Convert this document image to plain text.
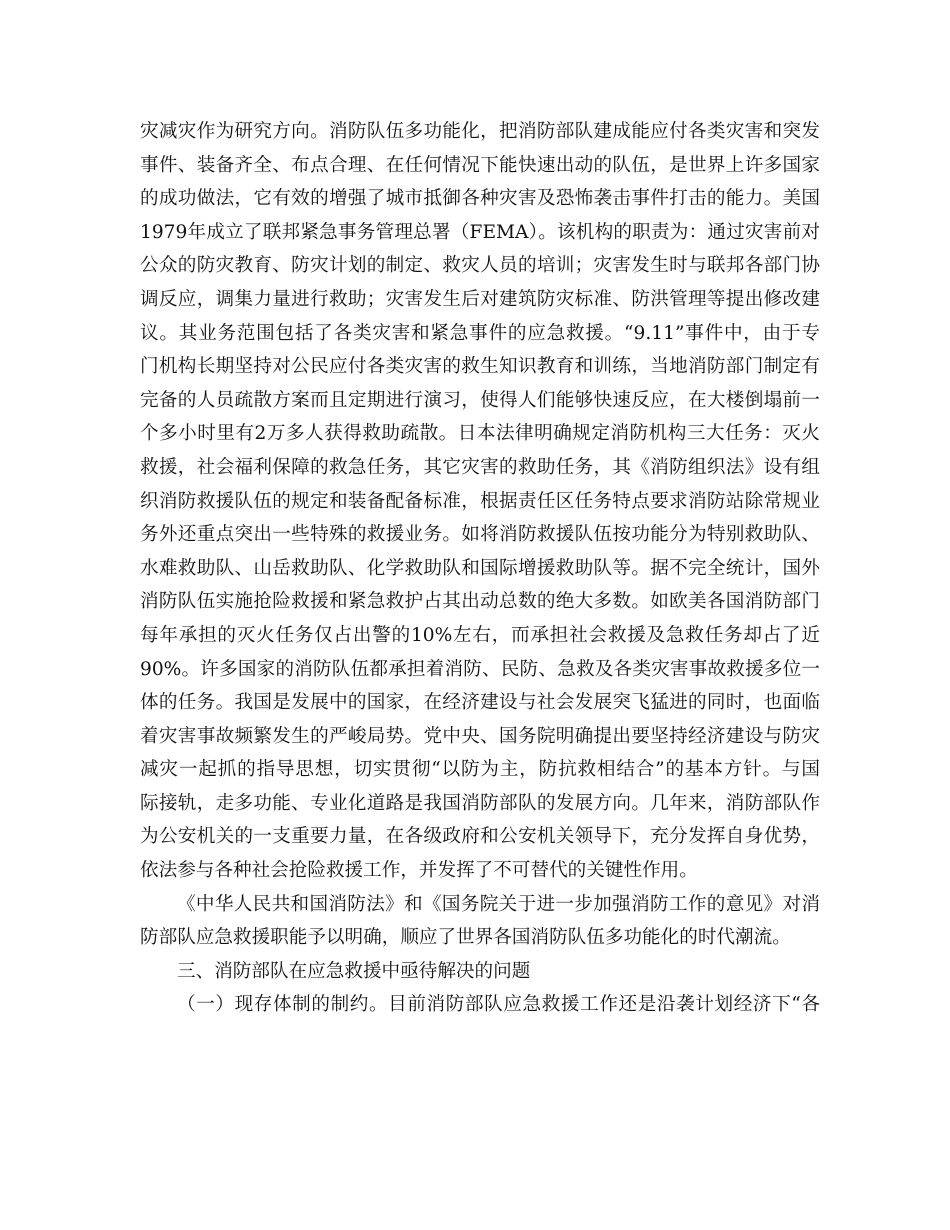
灾减灾作为研究方向。消防队伍多功能化，把消防部队建成能应付各类灾害和突发
事件、装备齐全、布点合理、在任何情况下能快速出动的队伍，是世界上许多国家
的成功做法，它有效的增强了城市抵御各种灾害及恐怖袭击事件打击的能力。美国
1979年成立了联邦紧急事务管理总署（FEMA）。该机构的职责为：通过灾害前对
公众的防灾教育、防灾计划的制定、救灾人员的培训；灾害发生时与联邦各部门协
调反应，调集力量进行救助；灾害发生后对建筑防灾标准、防洪管理等提出修改建
议。其业务范围包括了各类灾害和紧急事件的应急救援。“9.11”事件中，由于专
门机构长期坚持对公民应付各类灾害的救生知识教育和训练，当地消防部门制定有
完备的人员疏散方案而且定期进行演习，使得人们能够快速反应，在大楼倒塌前一
个多小时里有2万多人获得救助疏散。日本法律明确规定消防机构三大任务：灭火
救援，社会福利保障的救急任务，其它灾害的救助任务，其《消防组织法》设有组
织消防救援队伍的规定和装备配备标准，根据责任区任务特点要求消防站除常规业
务外还重点突出一些特殊的救援业务。如将消防救援队伍按功能分为特别救助队、
水难救助队、山岳救助队、化学救助队和国际增援救助队等。据不完全统计，国外
消防队伍实施抢险救援和紧急救护占其出动总数的绝大多数。如欧美各国消防部门
每年承担的灭火任务仅占出警的10%左右，而承担社会救援及急救任务却占了近
90%。许多国家的消防队伍都承担着消防、民防、急救及各类灾害事故救援多位一
体的任务。我国是发展中的国家，在经济建设与社会发展突飞猛进的同时，也面临
着灾害事故频繁发生的严峻局势。党中央、国务院明确提出要坚持经济建设与防灾
减灾一起抓的指导思想，切实贯彻“以防为主，防抗救相结合”的基本方针。与国
际接轨，走多功能、专业化道路是我国消防部队的发展方向。几年来，消防部队作
为公安机关的一支重要力量，在各级政府和公安机关领导下，充分发挥自身优势，
依法参与各种社会抢险救援工作，并发挥了不可替代的关键性作用。
《中华人民共和国消防法》和《国务院关于进一步加强消防工作的意见》对消
防部队应急救援职能予以明确，顺应了世界各国消防队伍多功能化的时代潮流。
三、消防部队在应急救援中亟待解决的问题
（一）现存体制的制约。目前消防部队应急救援工作还是沿袭计划经济下“各
